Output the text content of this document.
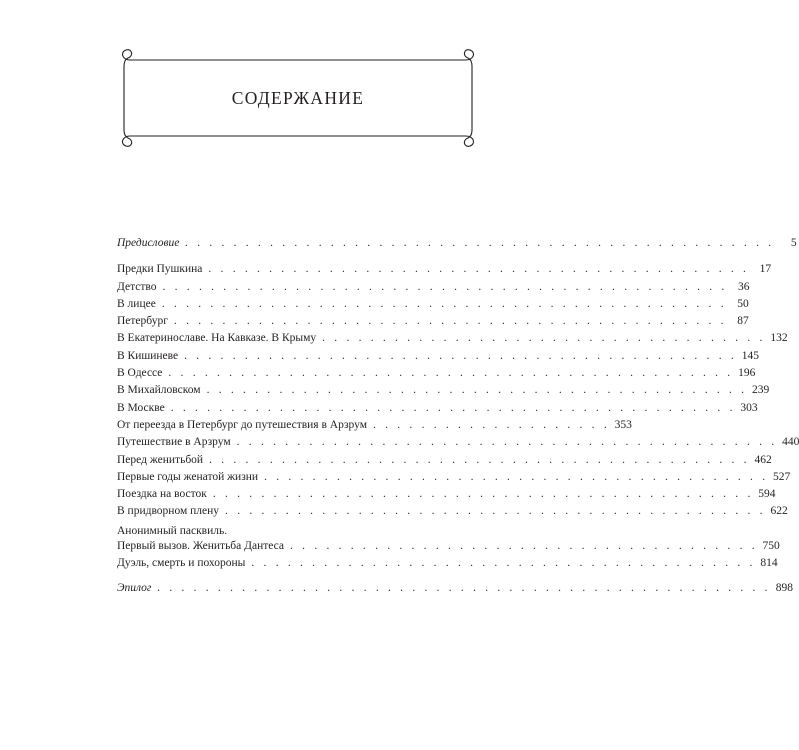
СОДЕРЖАНИЕ
Предисловие . . . . . . . . . . . . . . . . . . . . . . . . . . . . . . . . . . . . . . . . . . . . . . . . .	5
Предки Пушкина . . . . . . . . . . . . . . . . . . . . . . . . . . . . . . . . . . . . . . . . . . . . . 17
Детство . . . . . . . . . . . . . . . . . . . . . . . . . . . . . . . . . . . . . . . . . . . . . . . 36
В лицее . . . . . . . . . . . . . . . . . . . . . . . . . . . . . . . . . . . . . . . . . . . . . . . 50
Петербург . . . . . . . . . . . . . . . . . . . . . . . . . . . . . . . . . . . . . . . . . . . . . . 87
В Екатеринославе. На Кавказе. В Крыму . . . . . . . . . . . . . . . . . . . . . . . . . . . . . . . . . . . . . 132
В Кишиневе . . . . . . . . . . . . . . . . . . . . . . . . . . . . . . . . . . . . . . . . . . . . . . 145
В Одессе . . . . . . . . . . . . . . . . . . . . . . . . . . . . . . . . . . . . . . . . . . . . . . . 196
В Михайловском . . . . . . . . . . . . . . . . . . . . . . . . . . . . . . . . . . . . . . . . . . . . . 239
В Москве . . . . . . . . . . . . . . . . . . . . . . . . . . . . . . . . . . . . . . . . . . . . . . . 303
От переезда в Петербург до путешествия в Арзрум . . . . . . . . . . . . . . . . . . . . 353
Путешествие в Арзрум . . . . . . . . . . . . . . . . . . . . . . . . . . . . . . . . . . . . . . . . . . . . . 440
Перед женитьбой . . . . . . . . . . . . . . . . . . . . . . . . . . . . . . . . . . . . . . . . . . . . . 462
Первые годы женатой жизни . . . . . . . . . . . . . . . . . . . . . . . . . . . . . . . . . . . . . . . . . . 527
Поездка на восток . . . . . . . . . . . . . . . . . . . . . . . . . . . . . . . . . . . . . . . . . . . . . 594
В придворном плену . . . . . . . . . . . . . . . . . . . . . . . . . . . . . . . . . . . . . . . . . . . . . 622
Анонимный пасквиль.
Первый вызов. Женитьба Дантеса . . . . . . . . . . . . . . . . . . . . . . . . . . . . . . . . . . . . . . . 750
Дуэль, смерть и похороны . . . . . . . . . . . . . . . . . . . . . . . . . . . . . . . . . . . . . . . . . . 814
Эпилог . . . . . . . . . . . . . . . . . . . . . . . . . . . . . . . . . . . . . . . . . . . . . . . . . . . 898
